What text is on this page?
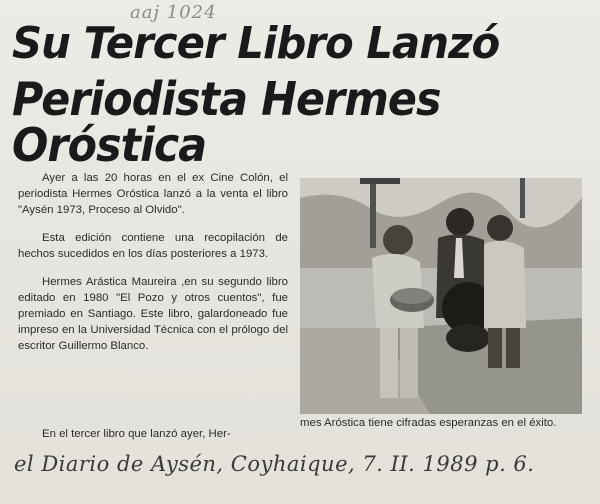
aaj 1024
Su Tercer Libro Lanzó
Periodista Hermes Oróstica

Ayer a las 20 horas en el ex Cine Colón, el periodista Hermes Oróstica lanzó a la venta el libro "Aysén 1973, Proceso al Olvido".

Esta edición contiene una recopilación de hechos sucedidos en los días posteriores a 1973.

Hermes Arástica Maureira ,en su segundo libro editado en 1980 "El Pozo y otros cuentos", fue premiado en Santiago. Este libro, galardoneado fue impreso en la Universidad Técnica con el prólogo del escritor Guillermo Blanco.

En el tercer libro que lanzó ayer, Her-
mes Aróstica tiene cifradas esperanzas en el éxito.
el Diario de Aysén, Coyhaique, 7. II. 1989 p. 6.
